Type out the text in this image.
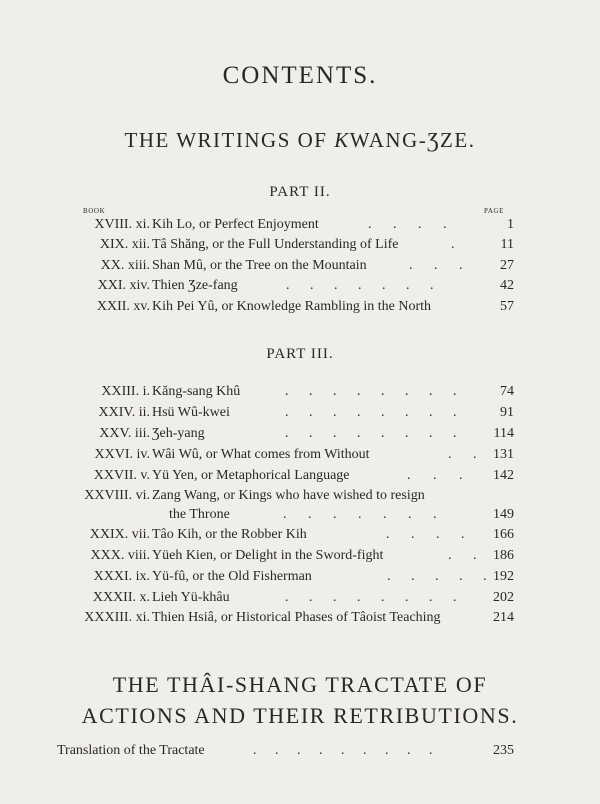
CONTENTS.
THE WRITINGS OF KWANG-ƷZE.
PART II.
BOOK	PAGE
XVIII. xi. Kih Lo, or Perfect Enjoyment	. . . .	1
XIX. xii. Tâ Shăng, or the Full Understanding of Life	.	11
XX. xiii. Shan Mû, or the Tree on the Mountain	. . .	27
XXI. xiv. Thien Ʒze-fang	. . . . . . .	42
XXII. xv. Kih Pei Yû, or Knowledge Rambling in the North	57
PART III.
XXIII. i. Kăng-sang Khû	. . . . . . . .	74
XXIV. ii. Hsü Wû-kwei	. . . . . . . .	91
XXV. iii. Ʒeh-yang	. . . . . . . .	114
XXVI. iv. Wâi Wû, or What comes from Without	. . 131
XXVII. v. Yü Yen, or Metaphorical Language	. . . 142
XXVIII. vi. Zang Wang, or Kings who have wished to resign
the Throne	. . . . . . .	149
XXIX. vii. Tâo Kih, or the Robber Kih	. . . . 166
XXX. viii. Yüeh Kien, or Delight in the Sword-fight	. . 186
XXXI. ix. Yü-fû, or the Old Fisherman	. . . . . 192
XXXII. x. Lieh Yü-khâu	. . . . . . . .	202
XXXIII. xi. Thien Hsiâ, or Historical Phases of Tâoist Teaching	214
THE THÂI-SHANG TRACTATE OF
ACTIONS AND THEIR RETRIBUTIONS.
Translation of the Tractate	. . . . . . . . .	235
